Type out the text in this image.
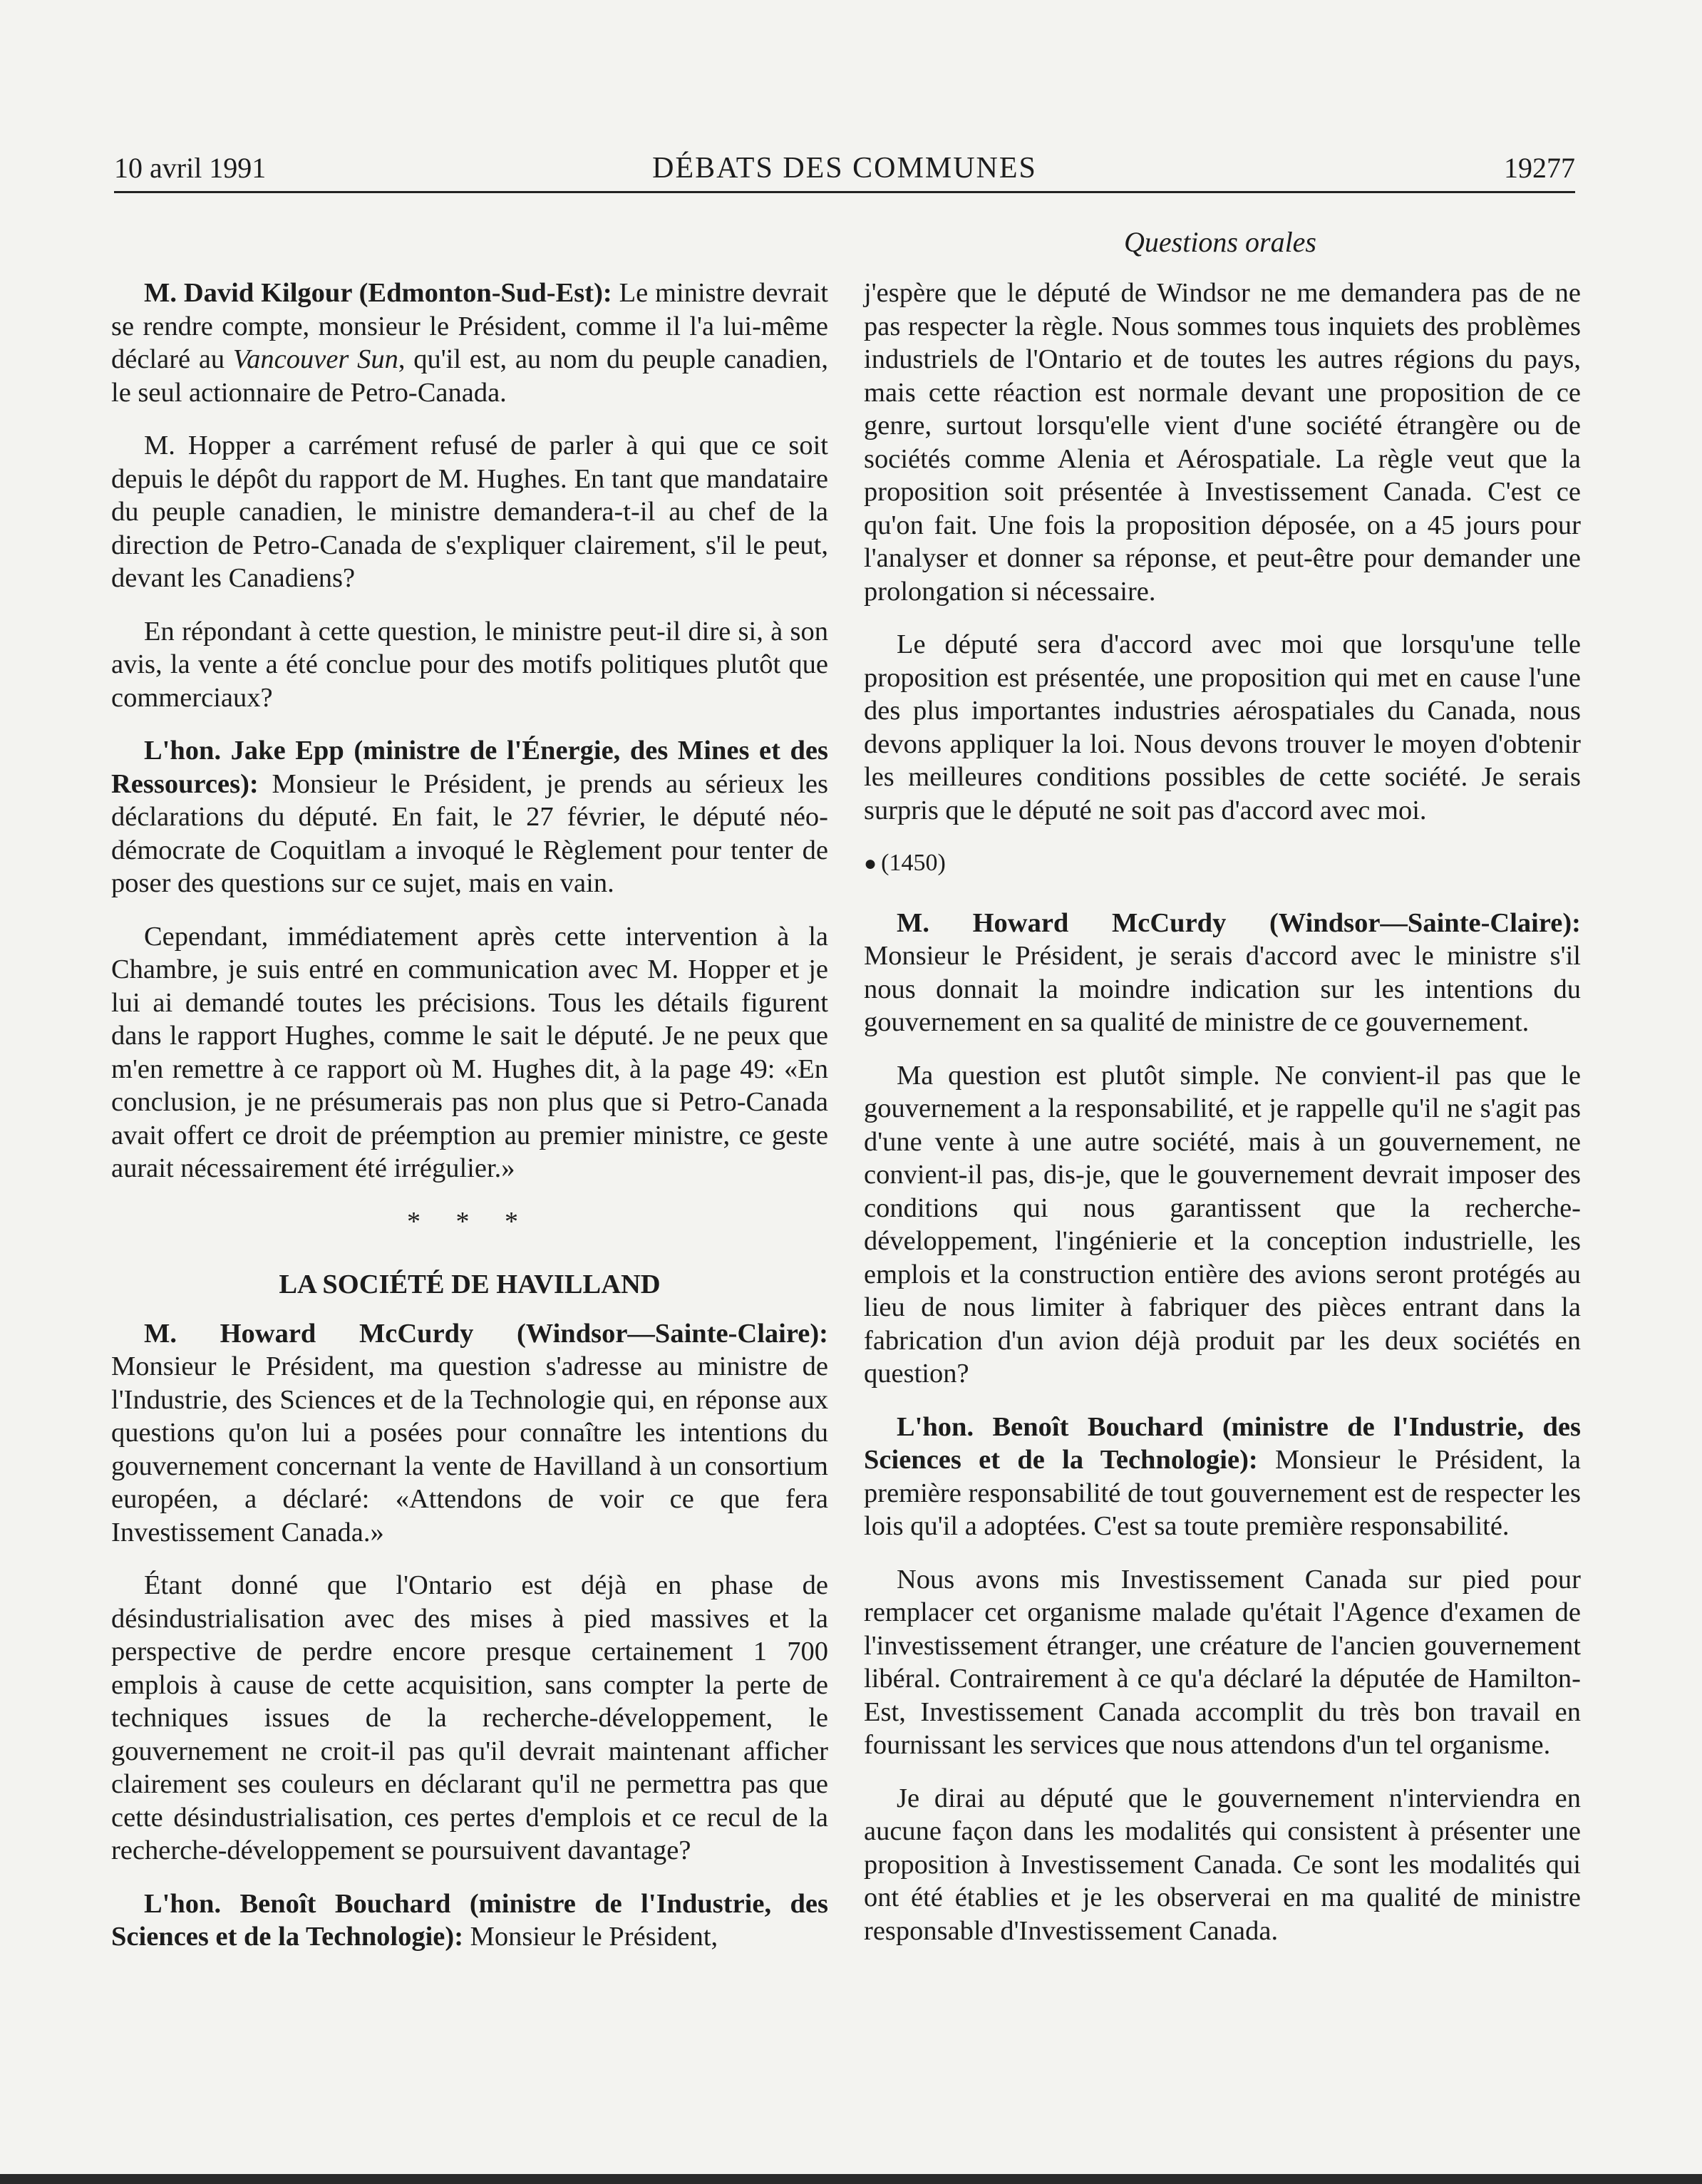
10 avril 1991	DÉBATS DES COMMUNES	19277
Questions orales

M. David Kilgour (Edmonton-Sud-Est): Le ministre devrait se rendre compte, monsieur le Président, comme il l'a lui-même déclaré au Vancouver Sun, qu'il est, au nom du peuple canadien, le seul actionnaire de Petro-Canada.

M. Hopper a carrément refusé de parler à qui que ce soit depuis le dépôt du rapport de M. Hughes. En tant que mandataire du peuple canadien, le ministre demandera-t-il au chef de la direction de Petro-Canada de s'expliquer clairement, s'il le peut, devant les Canadiens?

En répondant à cette question, le ministre peut-il dire si, à son avis, la vente a été conclue pour des motifs politiques plutôt que commerciaux?

L'hon. Jake Epp (ministre de l'Énergie, des Mines et des Ressources): Monsieur le Président, je prends au sérieux les déclarations du député. En fait, le 27 février, le député néo-démocrate de Coquitlam a invoqué le Règlement pour tenter de poser des questions sur ce sujet, mais en vain.

Cependant, immédiatement après cette intervention à la Chambre, je suis entré en communication avec M. Hopper et je lui ai demandé toutes les précisions. Tous les détails figurent dans le rapport Hughes, comme le sait le député. Je ne peux que m'en remettre à ce rapport où M. Hughes dit, à la page 49: «En conclusion, je ne présumerais pas non plus que si Petro-Canada avait offert ce droit de préemption au premier ministre, ce geste aurait nécessairement été irrégulier.»

* * *
LA SOCIÉTÉ DE HAVILLAND

M. Howard McCurdy (Windsor—Sainte-Claire): Monsieur le Président, ma question s'adresse au ministre de l'Industrie, des Sciences et de la Technologie qui, en réponse aux questions qu'on lui a posées pour connaître les intentions du gouvernement concernant la vente de Havilland à un consortium européen, a déclaré: «Attendons de voir ce que fera Investissement Canada.»

Étant donné que l'Ontario est déjà en phase de désindustrialisation avec des mises à pied massives et la perspective de perdre encore presque certainement 1 700 emplois à cause de cette acquisition, sans compter la perte de techniques issues de la recherche-développement, le gouvernement ne croit-il pas qu'il devrait maintenant afficher clairement ses couleurs en déclarant qu'il ne permettra pas que cette désindustrialisation, ces pertes d'emplois et ce recul de la recherche-développement se poursuivent davantage?

L'hon. Benoît Bouchard (ministre de l'Industrie, des Sciences et de la Technologie): Monsieur le Président,

j'espère que le député de Windsor ne me demandera pas de ne pas respecter la règle. Nous sommes tous inquiets des problèmes industriels de l'Ontario et de toutes les autres régions du pays, mais cette réaction est normale devant une proposition de ce genre, surtout lorsqu'elle vient d'une société étrangère ou de sociétés comme Alenia et Aérospatiale. La règle veut que la proposition soit présentée à Investissement Canada. C'est ce qu'on fait. Une fois la proposition déposée, on a 45 jours pour l'analyser et donner sa réponse, et peut-être pour demander une prolongation si nécessaire.

Le député sera d'accord avec moi que lorsqu'une telle proposition est présentée, une proposition qui met en cause l'une des plus importantes industries aérospatiales du Canada, nous devons appliquer la loi. Nous devons trouver le moyen d'obtenir les meilleures conditions possibles de cette société. Je serais surpris que le député ne soit pas d'accord avec moi.

● (1450)

M. Howard McCurdy (Windsor—Sainte-Claire): Monsieur le Président, je serais d'accord avec le ministre s'il nous donnait la moindre indication sur les intentions du gouvernement en sa qualité de ministre de ce gouvernement.

Ma question est plutôt simple. Ne convient-il pas que le gouvernement a la responsabilité, et je rappelle qu'il ne s'agit pas d'une vente à une autre société, mais à un gouvernement, ne convient-il pas, dis-je, que le gouvernement devrait imposer des conditions qui nous garantissent que la recherche-développement, l'ingénierie et la conception industrielle, les emplois et la construction entière des avions seront protégés au lieu de nous limiter à fabriquer des pièces entrant dans la fabrication d'un avion déjà produit par les deux sociétés en question?

L'hon. Benoît Bouchard (ministre de l'Industrie, des Sciences et de la Technologie): Monsieur le Président, la première responsabilité de tout gouvernement est de respecter les lois qu'il a adoptées. C'est sa toute première responsabilité.

Nous avons mis Investissement Canada sur pied pour remplacer cet organisme malade qu'était l'Agence d'examen de l'investissement étranger, une créature de l'ancien gouvernement libéral. Contrairement à ce qu'a déclaré la députée de Hamilton-Est, Investissement Canada accomplit du très bon travail en fournissant les services que nous attendons d'un tel organisme.

Je dirai au député que le gouvernement n'interviendra en aucune façon dans les modalités qui consistent à présenter une proposition à Investissement Canada. Ce sont les modalités qui ont été établies et je les observerai en ma qualité de ministre responsable d'Investissement Canada.
